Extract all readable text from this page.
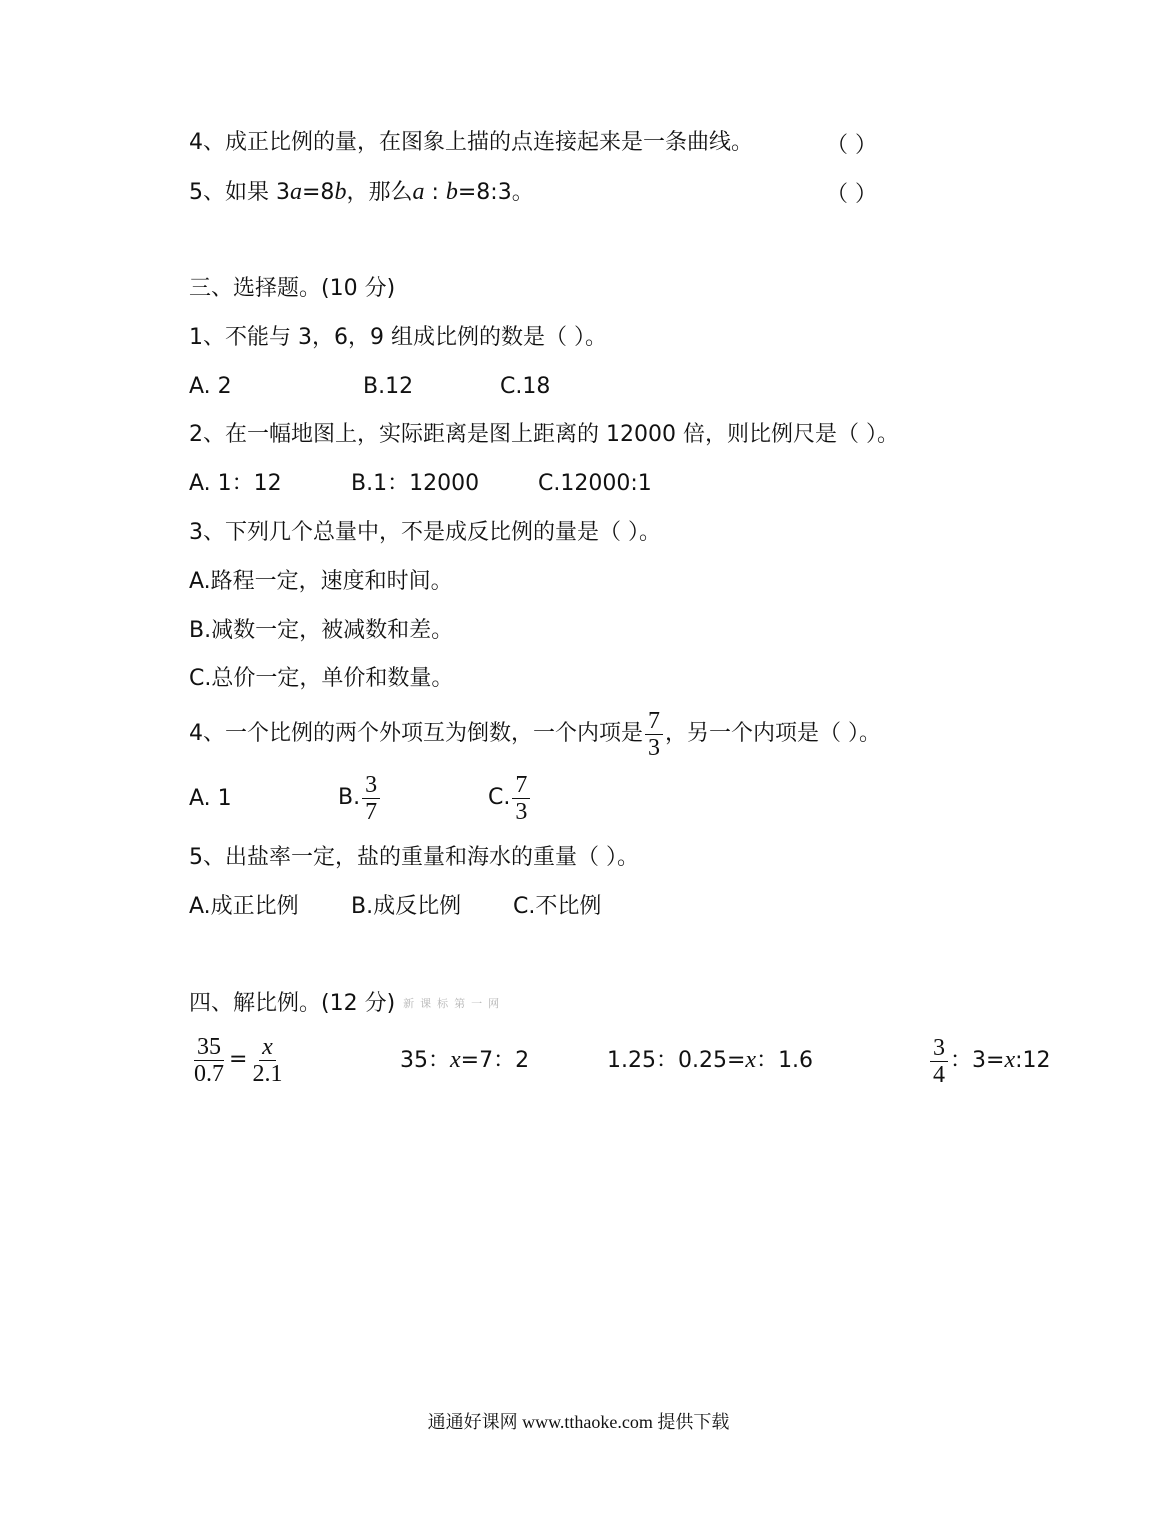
4、成正比例的量，在图象上描的点连接起来是一条曲线。	（ ）
5、如果 3a=8b，那么a : b=8:3。	（ ）
三、选择题。(10 分)
1、不能与 3，6，9 组成比例的数是（ ）。
A. 2	B.12	C.18
2、在一幅地图上，实际距离是图上距离的 12000 倍，则比例尺是（ ）。
A. 1：12	B.1：12000	C.12000:1
3、下列几个总量中，不是成反比例的量是（ ）。
A.路程一定，速度和时间。
B.减数一定，被减数和差。
C.总价一定，单价和数量。
4、一个比例的两个外项互为倒数，一个内项是 $\frac{7}{3}$ ，另一个内项是（ ）。
A. 1	B. $\frac{3}{7}$	C. $\frac{7}{3}$
5、出盐率一定，盐的重量和海水的重量（ ）。
A.成正比例 B.成反比例 C.不比例
四、解比例。(12 分) 新课标第一网
$\frac{35}{0.7} = \frac{x}{2.1}$	35：x=7：2	1.25：0.25=x：1.6	$\frac{3}{4}$ ：3=x:12
通通好课网 www.tthaoke.com 提供下载
